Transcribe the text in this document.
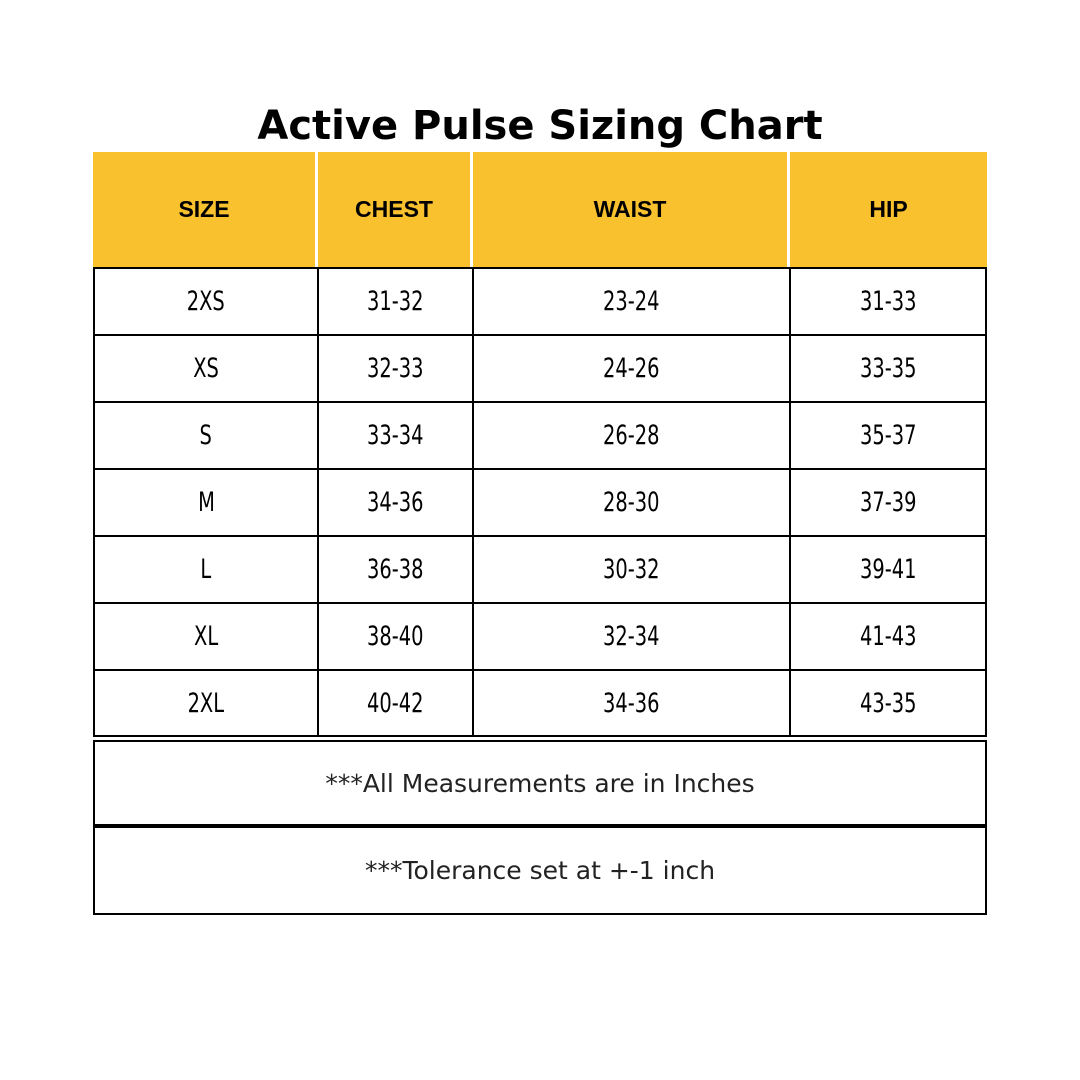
Active Pulse Sizing Chart
SIZE	CHEST	WAIST	HIP
2XS	31-32	23-24	31-33
XS	32-33	24-26	33-35
S	33-34	26-28	35-37
M	34-36	28-30	37-39
L	36-38	30-32	39-41
XL	38-40	32-34	41-43
2XL	40-42	34-36	43-35
***All Measurements are in Inches
***Tolerance set at +-1 inch
